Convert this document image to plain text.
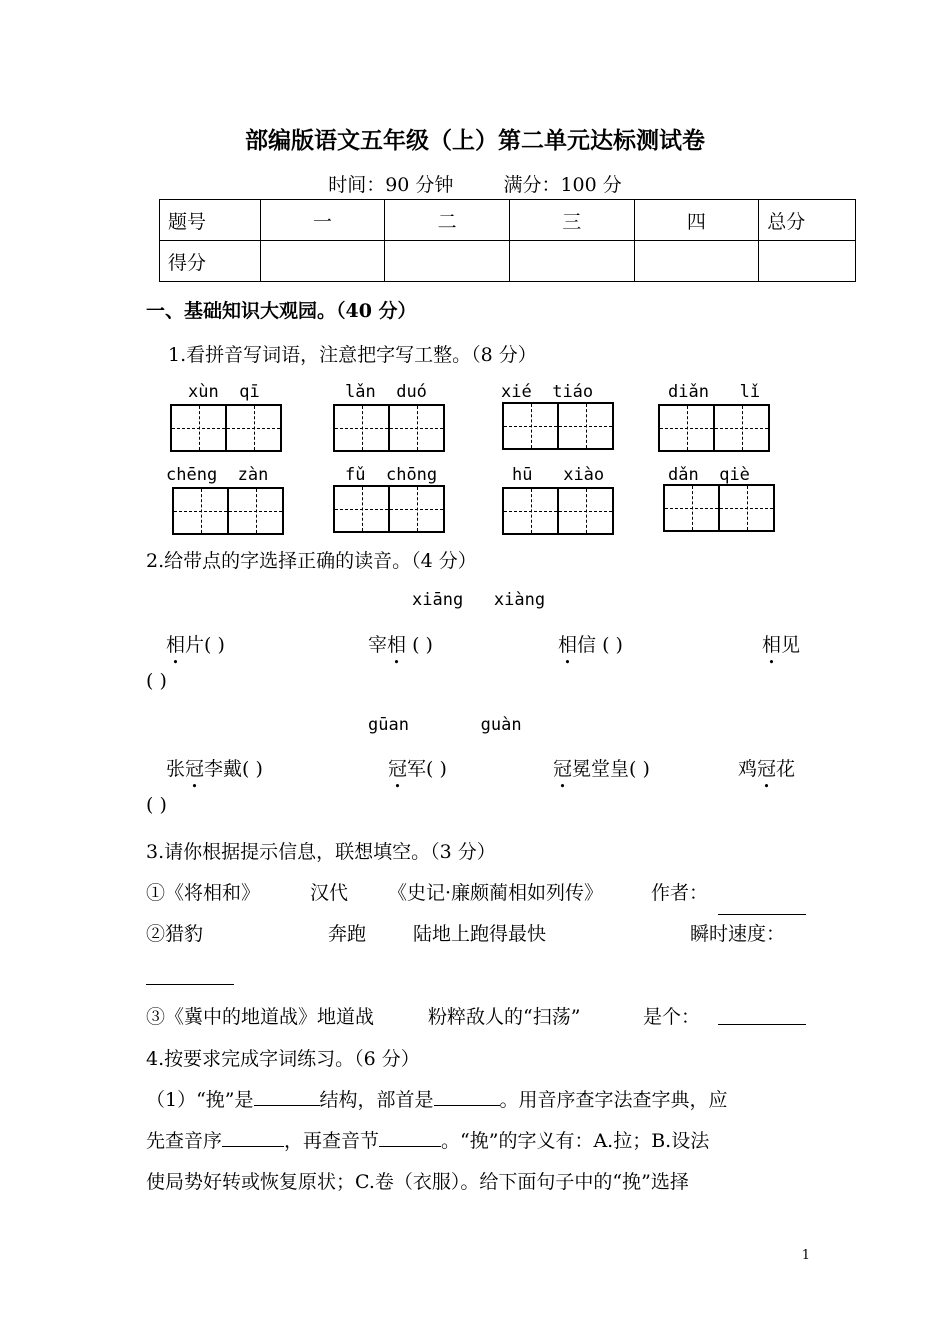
部编版语文五年级（上）第二单元达标测试卷
时间：90 分钟	满分：100 分
题号	一	二	三	四	总分
得分					
一、基础知识大观园。（40 分）
1.看拼音写词语，注意把字写工整。（8 分）
xùn qī	lǎn duó	xié tiáo	diǎn lǐ
chēng zàn	fǔ chōng	hū xiào	dǎn qiè
2.给带点的字选择正确的读音。（4 分）
xiāng xiàng
相片( )	宰相 ( )	相信 ( )	相见
( )
gūan	guàn
张冠李戴( )	冠军( )	冠冕堂皇( )	鸡冠花
( )
3.请你根据提示信息，联想填空。（3 分）
①《将相和》	汉代 《史记·廉颇蔺相如列传》	作者：
②猎豹	奔跑 陆地上跑得最快	瞬时速度：
③《冀中的地道战》地道战	粉粹敌人的“扫荡”	是个：
4.按要求完成字词练习。（6 分）
（1）“挽”是	结构，部首是	。用音序查字法查字典，应
先查音序	，再查音节	。“挽”的字义有：A.拉；B.设法
使局势好转或恢复原状；C.卷（衣服）。给下面句子中的“挽”选择
1
